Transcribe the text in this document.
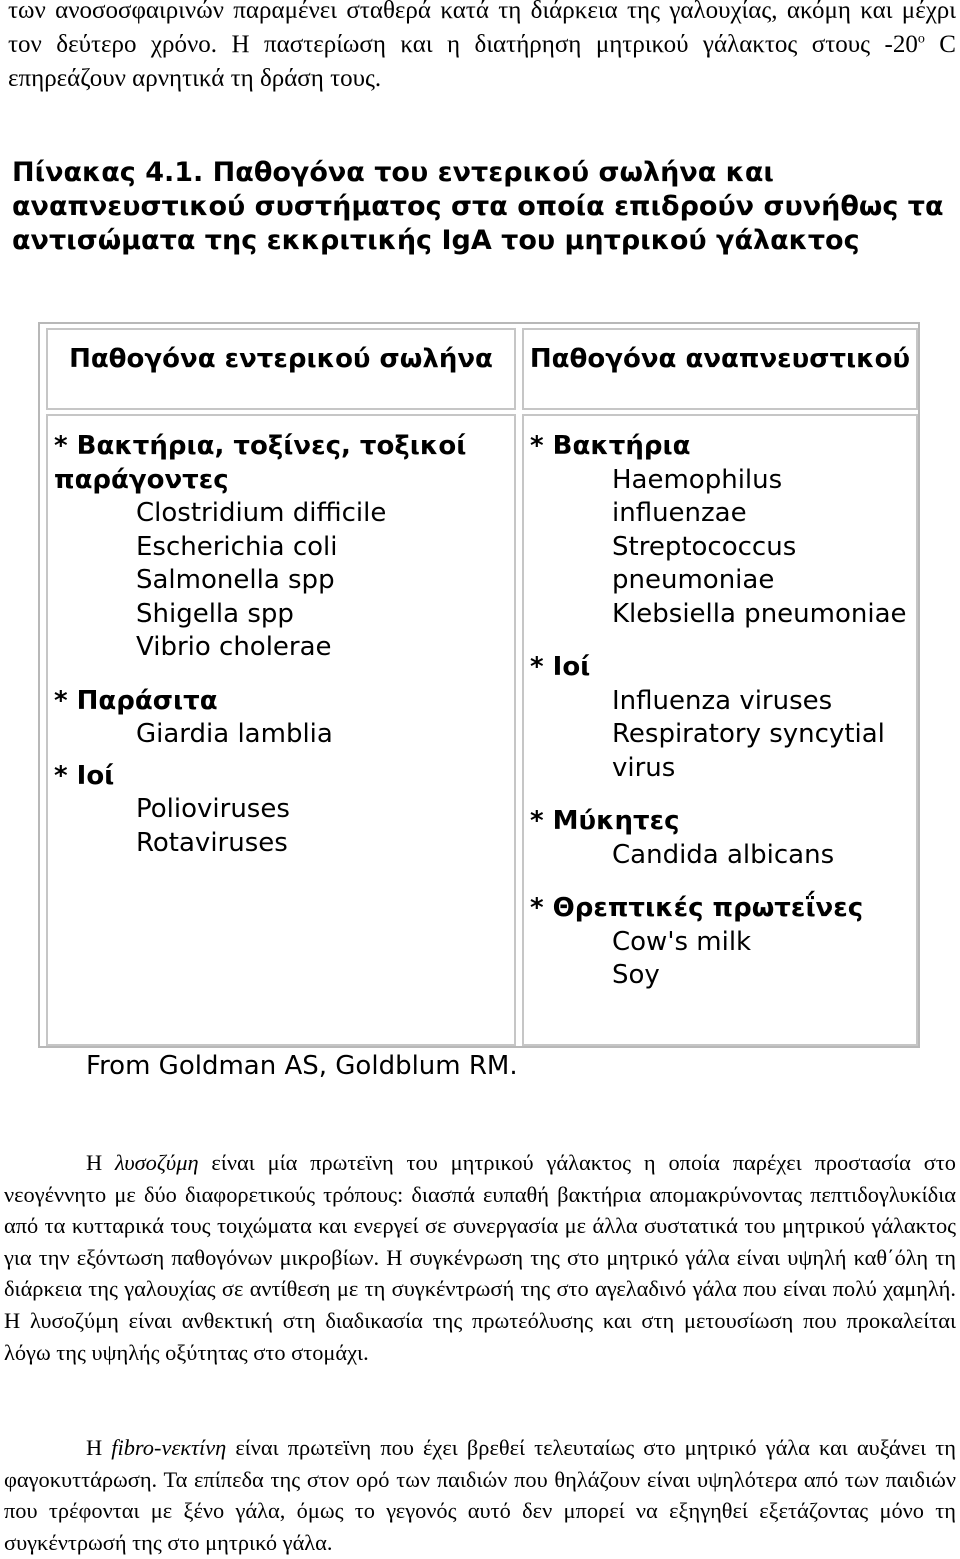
των ανοσοσφαιρινών παραμένει σταθερά κατά τη διάρκεια της γαλουχίας, ακόμη και μέχρι τον δεύτερο χρόνο. Η παστερίωση και η διατήρηση μητρικού γάλακτος στους $-20^o$ C επηρεάζουν αρνητικά τη δράση τους.
Πίνακας 4.1. Παθογόνα του εντερικού σωλήνα και αναπνευστικού συστήματος στα οποία επιδρούν συνήθως τα αντισώματα της εκκριτικής IgA του μητρικού γάλακτος
Παθογόνα εντερικού σωλήνα	Παθογόνα αναπνευστικού

* Βακτήρια, τοξίνες, τοξικοί παράγοντες

Clostridium difficile
Escherichia coli
Salmonella spp
Shigella spp
Vibrio cholerae

* Παράσιτα

Giardia lamblia

* Ιοί

Polioviruses
Rotaviruses

* Βακτήρια

Haemophilus influenzae
Streptococcus pneumoniae
Klebsiella pneumoniae

* Ιοί

Influenza viruses
Respiratory syncytial virus

* Μύκητες

Candida albicans

* Θρεπτικές πρωτεΐνες

Cow's milk
Soy
From Goldman AS, Goldblum RM.

Η λυσοζύμη είναι μία πρωτεϊνη του μητρικού γάλακτος η οποία παρέχει προστασία στο νεογέννητο με δύο διαφορετικούς τρόπους: διασπά ευπαθή βακτήρια απομακρύνοντας πεπτιδογλυκίδια από τα κυτταρικά τους τοιχώματα και ενεργεί σε συνεργασία με άλλα συστατικά του μητρικού γάλακτος για την εξόντωση παθογόνων μικροβίων. Η συγκένρωση της στο μητρικό γάλα είναι υψηλή καθ΄όλη τη διάρκεια της γαλουχίας σε αντίθεση με τη συγκέντρωσή της στο αγελαδινό γάλα που είναι πολύ χαμηλή. Η λυσοζύμη είναι ανθεκτική στη διαδικασία της πρωτεόλυσης και στη μετουσίωση που προκαλείται λόγω της υψηλής οξύτητας στο στομάχι.

Η fibro-νεκτίνη είναι πρωτεϊνη που έχει βρεθεί τελευταίως στο μητρικό γάλα και αυξάνει τη φαγοκυττάρωση. Τα επίπεδα της στον ορό των παιδιών που θηλάζουν είναι υψηλότερα από των παιδιών που τρέφονται με ξένο γάλα, όμως το γεγονός αυτό δεν μπορεί να εξηγηθεί εξετάζοντας μόνο τη συγκέντρωσή της στο μητρικό γάλα.
